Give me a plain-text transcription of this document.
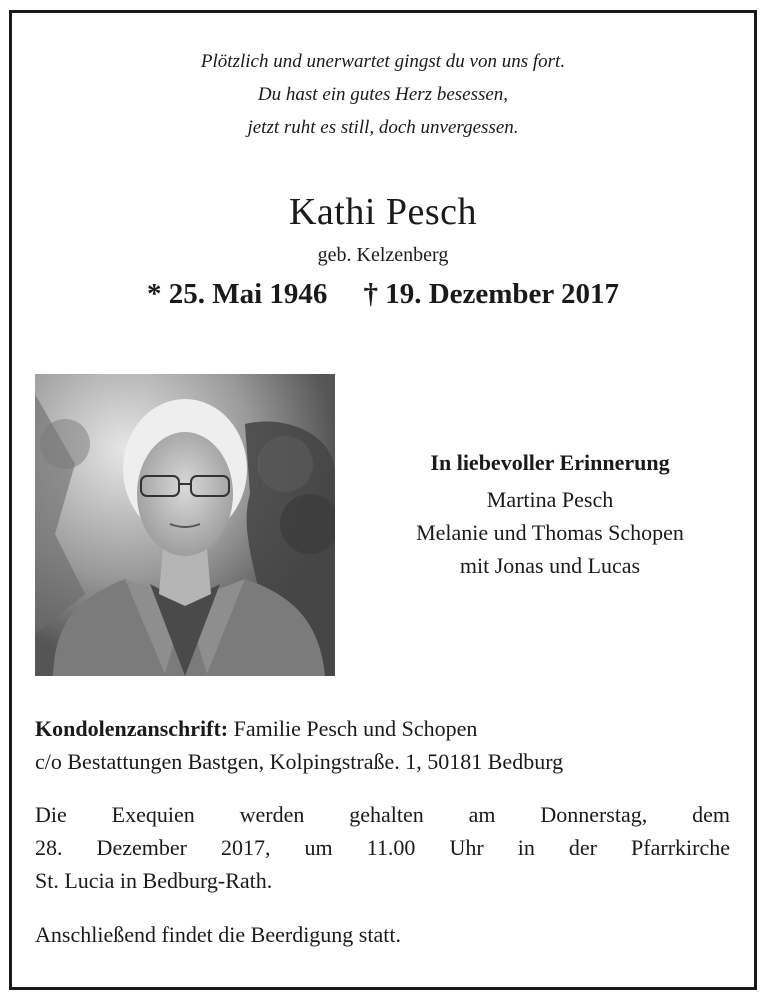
Plötzlich und unerwartet gingst du von uns fort.
Du hast ein gutes Herz besessen,
jetzt ruht es still, doch unvergessen.
Kathi Pesch
geb. Kelzenberg
* 25. Mai 1946 † 19. Dezember 2017
In liebevoller Erinnerung
Martina Pesch
Melanie und Thomas Schopen
mit Jonas und Lucas
Kondolenzanschrift: Familie Pesch und Schopen
c/o Bestattungen Bastgen, Kolpingstraße. 1, 50181 Bedburg
Die Exequien werden gehalten am Donnerstag, dem
28. Dezember 2017, um 11.00 Uhr in der Pfarrkirche
St. Lucia in Bedburg-Rath.
Anschließend findet die Beerdigung statt.
